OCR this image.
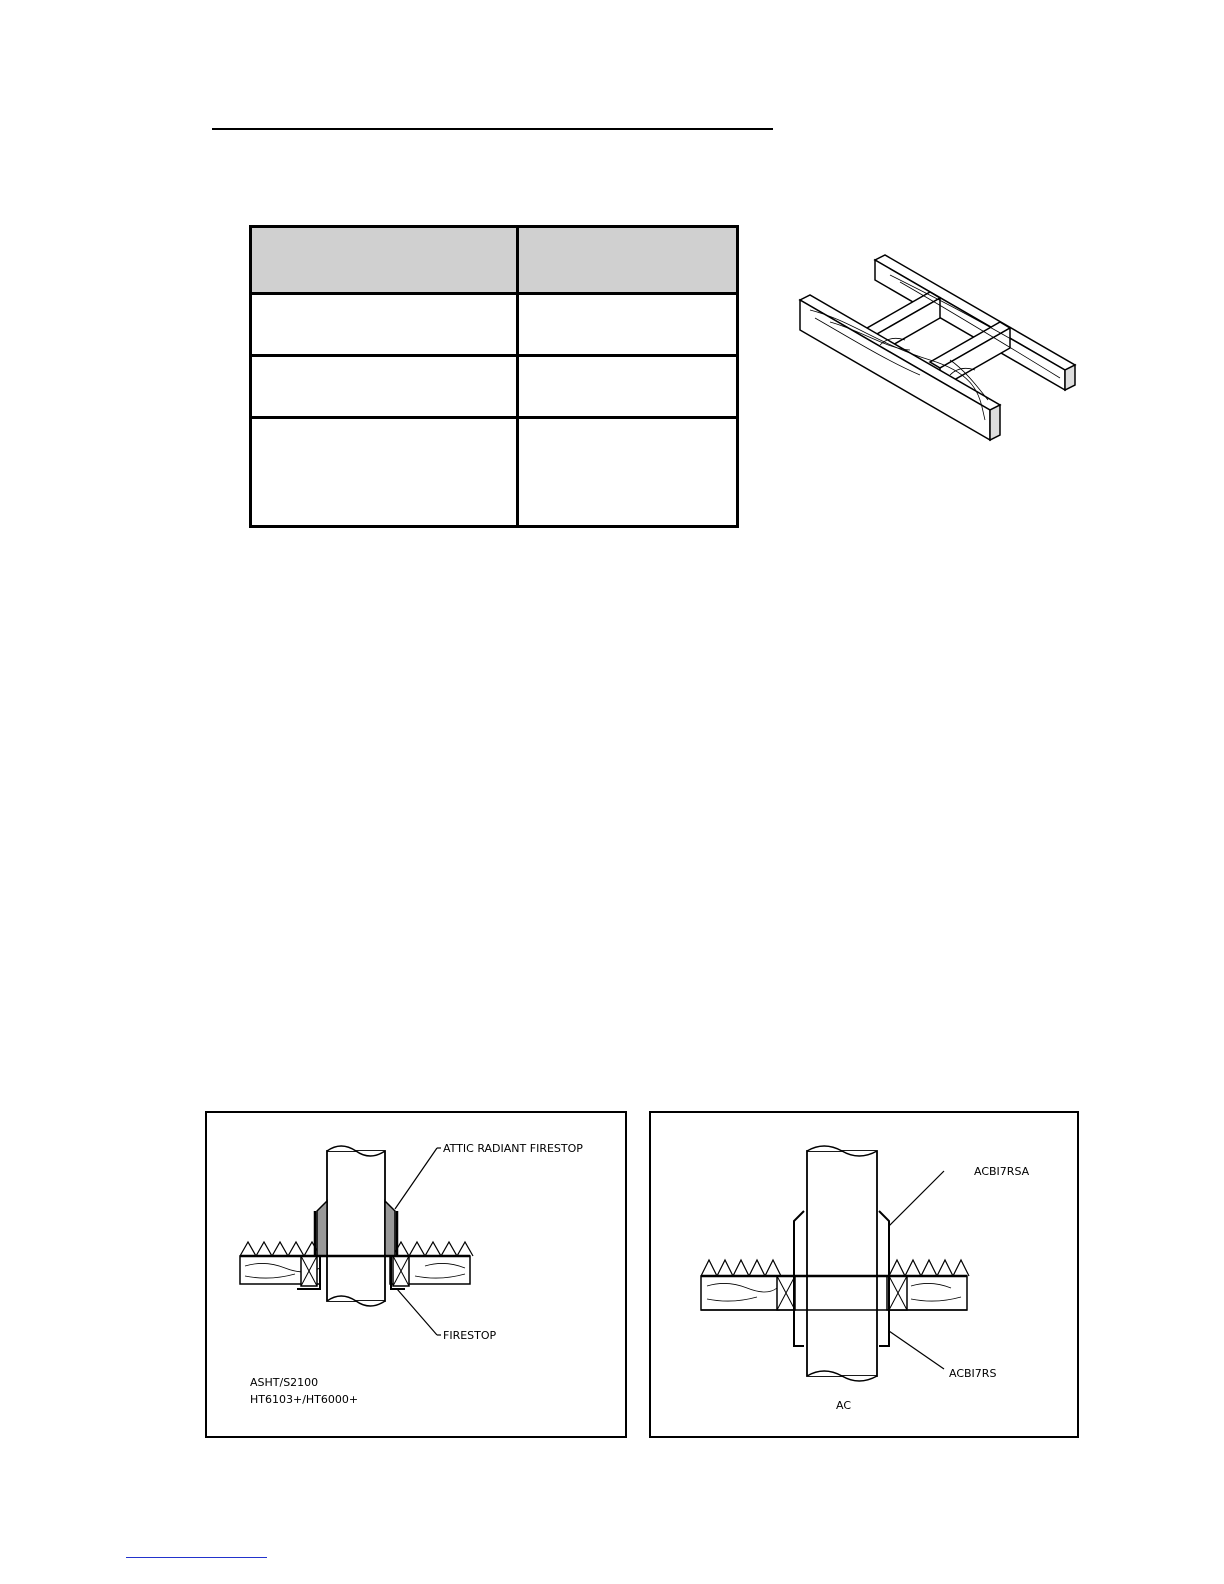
ATTIC RADIANT FIRESTOP
FIRESTOP
ASHT/S2100
HT6103+/HT6000+
ACBI7RSA
ACBI7RS
AC
